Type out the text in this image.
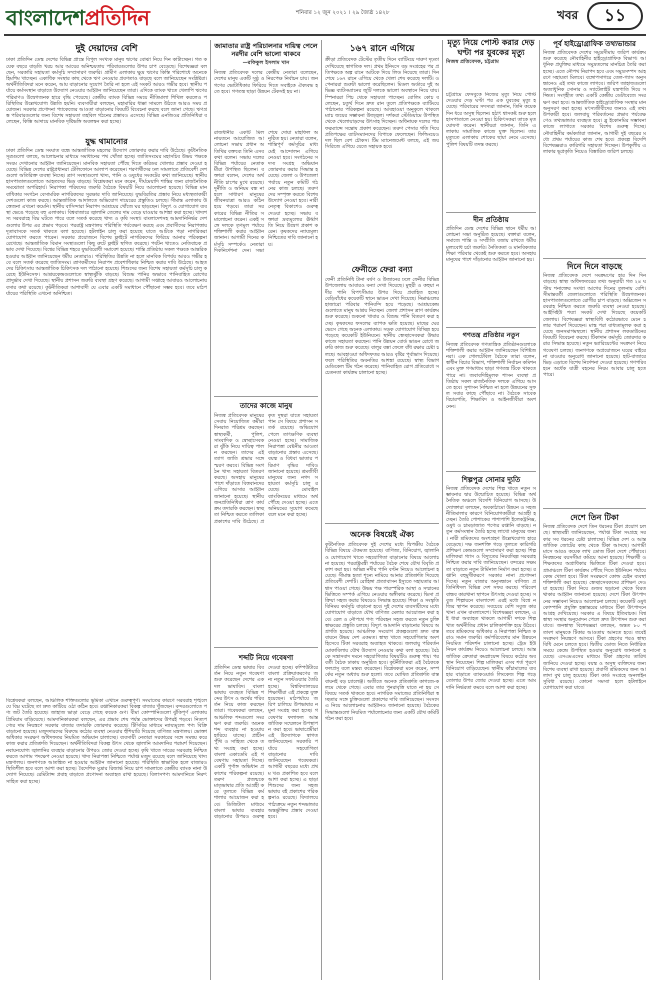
বাংলাদেশপ্রতিদিন	শনিবার ১২ জুন ২০২১ । ২৯ জ্যৈষ্ঠ ১৪২৮	খবর	১১
দুই দেয়াদের বেশি
ঢাকা প্রতিদিন ডেস্ক দেশের বিভিন্ন প্রান্তে বিপুল সংখ্যক মানুষ ঋণের বোঝা নিয়ে দিন কাটাচ্ছেন। গত কয়েক বছরে বাড়তি খরচ আর আয়ের অনিশ্চয়তায় পরিবারগুলোর উপর চাপ বেড়েছে। বিশেষজ্ঞরা বলছেন, সরকারি সহায়তা কর্মসূচি সম্প্রসারণ জরুরি। গ্রামীণ এলাকায় ক্ষুদ্র ঋণের কিস্তি পরিশোধে অনেকে হিমশিম খাচ্ছেন। একাধিক সংস্থার কাছ থেকে ঋণ নেওয়ার প্রবণতাও বাড়ছে বলে জানিয়েছেন সংশ্লিষ্টরা। অর্থনীতিবিদরা মনে করেন, আয় বাড়ানোর সুযোগ তৈরি না হলে এই সংকট আরও গভীর হবে। স্থানীয় পর্যায়ে কর্মসংস্থান বাড়াতে উদ্যোগ নেওয়ার আহ্বান জানিয়েছেন তারা। এদিকে ব্যাংক খাতে খেলাপি ঋণের পরিমাণও উদ্বেগজনক হারে বৃদ্ধি পেয়েছে। কেন্দ্রীয় ব্যাংক বিভিন্ন সময়ে নীতিমালা শিথিল করলেও পরিস্থিতির উল্লেখযোগ্য উন্নতি হয়নি। ব্যবসায়ীরা বলছেন, মহামারির ধাক্কা সামলে উঠতে আরও সময় প্রয়োজন। সরকার প্রণোদনা প্যাকেজের আওতা বাড়ানোর বিষয়টি বিবেচনা করছে বলে জানা গেছে। ঋণগ্রস্ত পরিবারগুলোর জন্য বিশেষ সহায়তা তহবিল গঠনের প্রস্তাবও এসেছে। বিভিন্ন এনজিওর প্রতিনিধিরা বলেছেন, কিস্তি আদায়ে মানবিক দৃষ্টিভঙ্গি অবলম্বন করা হচ্ছে।
যুদ্ধ থামানোর
ঢাকা প্রতিদিন ডেস্ক সংঘাত বন্ধে আন্তর্জাতিক মহলের উদ্যোগ জোরদার করার দাবি উঠেছে। কূটনৈতিক সূত্রগুলো বলছে, আলোচনার মাধ্যমে সমাধানের পথ খোঁজা হচ্ছে। জাতিসংঘের মহাসচিব উভয় পক্ষকে সংযম দেখানোর আহ্বান জানিয়েছেন। মানবিক সহায়তা পৌঁছে দিতে করিডর খোলার প্রস্তাব দেওয়া হয়েছে। বিভিন্ন দেশের রাষ্ট্রপ্রধানরা টেলিফোনে আলাপ করেছেন। শরণার্থীদের ঢল সামলাতে প্রতিবেশী দেশগুলো অতিরিক্ত ব্যবস্থা নিচ্ছে। ত্রাণ সংস্থাগুলো খাদ্য, পানি ও ওষুধের সংকটের কথা জানিয়েছে। স্থানীয় হাসপাতালগুলোতে আহতদের ভিড় বাড়ছে। বিশ্লেষকরা মনে করেন, দীর্ঘমেয়াদি শান্তির জন্য রাজনৈতিক সমঝোতা অপরিহার্য। নিরাপত্তা পরিষদের জরুরি বৈঠকে বিষয়টি নিয়ে আলোচনা হয়েছে। বিভিন্ন মানবাধিকার সংগঠন বেসামরিক নাগরিকদের সুরক্ষার দাবি জানিয়েছে। যুদ্ধবিরতির প্রস্তাব নিয়ে মধ্যস্থতাকারী দেশগুলো কাজ করছে। আন্তর্জাতিক আদালতে অভিযোগ দায়েরের প্রস্তুতিও চলছে। সীমান্ত এলাকায় উত্তেজনা এখনো কমেনি। স্থানীয় বাসিন্দারা নিরাপদ আশ্রয়ের খোঁজে ঘর ছাড়ছেন। বিদ্যুৎ ও যোগাযোগ ব্যবস্থা ভেঙে পড়েছে বহু এলাকায়। বিশ্ববাজারে জ্বালানি তেলের দাম বেড়ে যাওয়ার আশঙ্কা করা হচ্ছে। খাদ্যশস্য সরবরাহে বিঘ্ন ঘটতে পারে বলে সতর্ক করেছে খাদ্য ও কৃষি সংস্থা। বাংলাদেশসহ আমদানিনির্ভর দেশগুলোর উপর এর প্রভাব পড়বে। পররাষ্ট্র মন্ত্রণালয় পরিস্থিতি পর্যবেক্ষণ করছে এবং প্রবাসীদের নিরাপত্তায় দূতাবাসকে সতর্ক থাকতে বলা হয়েছে। হটলাইন চালু করা হয়েছে যাতে আটকে পড়া নাগরিকরা যোগাযোগ করতে পারেন। সরকার প্রয়োজনে বিশেষ ফ্লাইটে নাগরিকদের ফিরিয়ে আনার পরিকল্পনা রেখেছে। আন্তর্জাতিক বিমান সংস্থাগুলো কিছু রুটে ফ্লাইট স্থগিত করেছে। পর্যটন খাতেও নেতিবাচক প্রভাব দেখা দিয়েছে। বিশ্বের বিভিন্ন শহরে যুদ্ধবিরোধী সমাবেশ হয়েছে। শান্তি প্রতিষ্ঠায় সকল পক্ষকে আন্তরিক হওয়ার আহ্বান জানিয়েছেন ধর্মীয় নেতারাও। পরিস্থিতির উন্নতি না হলে মানবিক বিপর্যয় আরও গভীর হবে বলে সতর্ক করেছে জাতিসংঘ। ত্রাণকর্মীদের নিরাপদ প্রবেশাধিকার নিশ্চিত করার দাবি উঠেছে। আহতদের চিকিৎসায় আন্তর্জাতিক চিকিৎসক দল পাঠানো হয়েছে। শিশুদের জন্য বিশেষ সহায়তা কর্মসূচি চালু করেছে ইউনিসেফ। আশ্রয়কেন্দ্রগুলোতে স্বাস্থ্যঝুঁকি বাড়ছে। বিশুদ্ধ পানির অভাবে পানিবাহিত রোগের প্রাদুর্ভাব দেখা দিয়েছে। স্থানীয় প্রশাসন জরুরি ব্যবস্থা গ্রহণ করেছে। আগামী সপ্তাহে আবারও আলোচনায় বসার কথা রয়েছে। কূটনীতিকরা আশাবাদী যে এবার একটি সমাধানে পৌঁছানো সম্ভব হবে। তবে মাঠপর্যায়ের পরিস্থিতি এখনো অনিশ্চিত।
বিশ্লেষকরা বলছেন, আঞ্চলিক শক্তিগুলোর ভূমিকা এখানে গুরুত্বপূর্ণ। সংঘাতের কারণে সরবরাহ শৃঙ্খলে যে বিঘ্ন ঘটেছে তা দ্রুত কাটিয়ে ওঠা কঠিন হবে। রপ্তানিকারকরা বিকল্প বাজার খুঁজছেন। বন্দরগুলোতে পণ্য জট তৈরি হয়েছে। জাহাজ ভাড়া বেড়ে গেছে কয়েক গুণ। বীমা কোম্পানিগুলো ঝুঁকিপূর্ণ এলাকায় প্রিমিয়াম বাড়িয়েছে। আমদানিকারকরা বলছেন, এর প্রভাব শেষ পর্যন্ত ভোক্তাদের উপরই পড়বে। নিত্যপণ্যের দাম নিয়ন্ত্রণে সরকার বাজার তদারকি জোরদার করেছে। টিসিবির মাধ্যমে ন্যায্যমূল্যে পণ্য বিক্রি বাড়ানো হয়েছে। মজুদদারদের বিরুদ্ধে কঠোর ব্যবস্থা নেওয়ার হুঁশিয়ারি দিয়েছে বাণিজ্য মন্ত্রণালয়। ভোক্তা অধিকার সংরক্ষণ অধিদফতর নিয়মিত অভিযান চালাচ্ছে। ব্যবসায়ী নেতারা সরকারের সঙ্গে সমন্বয় করে কাজ করার প্রতিশ্রুতি দিয়েছেন। অর্থনীতিবিদরা বিকল্প উৎস থেকে জ্বালানি আমদানির পরামর্শ দিয়েছেন। নবায়নযোগ্য জ্বালানির ব্যবহার বাড়ানোর উপরও জোর দেওয়া হচ্ছে। কৃষি খাতে সারের সরবরাহ নিশ্চিত করতে আগাম পদক্ষেপ নেওয়া হয়েছে। খাদ্য নিরাপত্তা নিশ্চিতে পর্যাপ্ত মজুদ রয়েছে বলে জানিয়েছে খাদ্য মন্ত্রণালয়। জনগণকে আতঙ্কিত না হওয়ার আহ্বান জানানো হয়েছে। পরিস্থিতি স্বাভাবিক হলে বাজারও স্থিতিশীল হবে বলে আশা করা হচ্ছে। বৈদেশিক মুদ্রার রিজার্ভ নিয়ে চাপ সামলাতে কেন্দ্রীয় ব্যাংক নানা উদ্যোগ নিয়েছে। রেমিট্যান্স প্রবাহ বাড়াতে প্রণোদনা অব্যাহত রাখা হয়েছে। বিলাসপণ্য আমদানিতে নিরুৎসাহিত করা হচ্ছে।
জামাতার রাষ্ট্র পরিচালনার দায়িত্ব পেলে নরদীর বেশি ভালো থাকবে
—রফিকুল ইসলাম খান
নিজস্ব প্রতিবেদক দলের কেন্দ্রীয় নেতারা বলেছেন, দেশের মানুষ একটি সুষ্ঠু ও নিরপেক্ষ নির্বাচন চায়। জনগণের ভোটাধিকার ফিরিয়ে দিতে সবাইকে ঐক্যবদ্ধ হতে হবে। গণতন্ত্র ছাড়া উন্নয়ন টেকসই হয় না।
রাজধানীর একটি মিলনায়তনে আয়োজিত আলোচনা সভায় প্রধান অতিথির বক্তব্যে তিনি এসব কথা বলেন। সভায় দলের বিভিন্ন পর্যায়ের নেতাকর্মীরা উপস্থিত ছিলেন। বক্তারা বলেন, দেশের অর্থনীতি চাপের মুখে রয়েছে। দুর্নীতি ও অনিয়ম বন্ধ না হলে সাধারণ মানুষের জীবনযাত্রা আরও কঠিন হয়ে পড়বে। তারা সরকারের বিভিন্ন নীতির সমালোচনা করেন। একই সঙ্গে দলকে তৃণমূল পর্যায়ে শক্তিশালী করার আহ্বান জানান। আগামী দিনের কর্মসূচি সম্পর্কেও নেতারা দিকনির্দেশনা দেন। সভা শেষে দোয়া মাহফিল অনুষ্ঠিত হয়। নেতারা বলেন, শান্তিপূর্ণ কর্মসূচির মাধ্যমেই আন্দোলন এগিয়ে নেওয়া হবে। সংগঠনের সদস্য সংগ্রহ অভিযান জোরদার করার সিদ্ধান্ত হয়েছে। জেলা ও উপজেলা পর্যায়ে নতুন কমিটি গঠনের কাজ চলছে। তরুণদের সম্পৃক্ত করতে বিশেষ উদ্যোগ নেওয়া হবে। নারী নেতৃত্ব বিকাশেও গুরুত্ব দেওয়া হচ্ছে। সভায় বক্তারা দ্রব্যমূল্যের ঊর্ধ্বগতি নিয়ে উদ্বেগ প্রকাশ করেন। কৃষকদের ন্যায্যমূল্য নিশ্চিতের দাবি জানানো হয়।
তাদের কাজে মানুষ
নিজস্ব প্রতিবেদক মানুষের সেবায় নিয়োজিত কর্মীরা দিনরাত পরিশ্রম করছেন। স্বাস্থ্যকর্মী, পুলিশ, সাংবাদিক ও স্বেচ্ছাসেবকরা ঝুঁকি নিয়ে দায়িত্ব পালন করছেন। তাদের এই ত্যাগ জাতি শ্রদ্ধার সঙ্গে স্মরণ করবে। বিভিন্ন সংগঠন খাদ্য সহায়তা বিতরণ করছে। অসহায় মানুষের পাশে দাঁড়াতে বিত্তবানদের এগিয়ে আসার আহ্বান জানানো হয়েছে। স্থানীয় জনপ্রতিনিধিরা ত্রাণ কার্যক্রম তদারকি করছেন। স্বচ্ছতা নিশ্চিত করতে তালিকা প্রকাশের দাবি উঠেছে। প্রকৃত দুস্থরা যাতে সহায়তা পান সে বিষয়ে প্রশাসন সতর্ক রয়েছে। অভিযোগ পেলে তাৎক্ষণিক ব্যবস্থা নেওয়া হচ্ছে। সামাজিক নিরাপত্তা বেষ্টনীর আওতা বাড়ানোর প্রস্তাব এসেছে। বয়স্ক ও বিধবা ভাতার পরিমাণ বৃদ্ধির দাবিও জানানো হয়েছে। শ্রমজীবী মানুষের জন্য নগদ সহায়তা কর্মসূচি চালু রয়েছে। মোবাইল ব্যাংকিংয়ের মাধ্যমে অর্থ পৌঁছে দেওয়া হচ্ছে। এতে অনিয়মের সুযোগ কমেছে বলে মনে করা হচ্ছে।
শব্দটি নিয়ে গবেষণা
প্রতিদিন ডেস্ক ভাষার বিবর্তন নিয়ে নতুন গবেষণা শুরু করেছেন দেশের একদল ভাষাবিদ। বাংলা ভাষায় ব্যবহৃত বিভিন্ন শব্দের উৎস ও অর্থের পরিবর্তন নিয়ে কাজ করছেন তারা। গবেষকরা বলছেন, আঞ্চলিক শব্দগুলো সংরক্ষণ করা জরুরি। অনেক শব্দ ব্যবহার না হওয়ায় হারিয়ে যাচ্ছে। প্রাচীন পুঁথি ও সাহিত্য থেকে তথ্য সংগ্রহ করা হচ্ছে। বাংলা একাডেমি এই গবেষণায় সহায়তা দিচ্ছে। একটি পূর্ণাঙ্গ অভিধান প্রকাশের পরিকল্পনা রয়েছে। তরুণ প্রজন্মকে মাতৃভাষার প্রতি আগ্রহী করে তুলতে বিভিন্ন কর্মশালার আয়োজন করা হবে। ডিজিটাল মাধ্যমে বাংলা ভাষার ব্যবহার বাড়ানোর উপরও গুরুত্ব দেওয়া হচ্ছে। কম্পিউটারে বাংলা প্রক্রিয়াকরণের জন্য নতুন সফটওয়্যার তৈরি হচ্ছে। বিশ্ববিদ্যালয়ের শিক্ষার্থীরা এই প্রকল্পে যুক্ত হয়েছেন। মাঠপর্যায়ে জরিপ চালিয়ে উপভাষার নমুনা সংগ্রহ করা হচ্ছে। গবেষণার ফলাফল আন্তর্জাতিক সম্মেলনে উপস্থাপন করা হবে। ভাষাপ্রেমীরা এই উদ্যোগকে স্বাগত জানিয়েছেন। সরকারি পর্যায়ে সহযোগিতা বাড়ানোর দাবি জানিয়েছেন গবেষকরা। আগামী বছরের মধ্যে প্রথম খণ্ড প্রকাশিত হবে বলে আশা করা হচ্ছে। এ ছাড়া শিশুদের জন্য সহজ ভাষায় বই প্রকাশের পরিকল্পনাও রয়েছে। বিদ্যালয়ে পাঠ্যক্রমে নতুন শব্দভান্ডার অন্তর্ভুক্তির প্রস্তাব দেওয়া হবে।
১৬৭ রানে এগিয়ে
ক্রীড়া প্রতিবেদক টেস্টের তৃতীয় দিনে ব্যাটিংয়ে দারুণ দৃঢ়তা দেখিয়েছে স্বাগতিক দল। প্রথম ইনিংসে বড় সংগ্রহের পর প্রতিপক্ষকে অল্প রানে আটকে দিয়ে লিড নিয়েছে তারা। দিন শেষে ১৬৭ রানে এগিয়ে থেকে খেলা শেষ করেছে দলটি। ওপেনাররা শুরুটা ভালো করেছিলেন। মিডল অর্ডারে দুই অভিজ্ঞ ব্যাটসম্যানের জুটি দলকে ভালো অবস্থানে নিয়ে যায়। স্পিনাররা পিচ থেকে সহায়তা পাচ্ছেন। বোলিং কোচ বলেছেন, চতুর্থ দিনে দ্রুত রান তুলে প্রতিপক্ষকে ব্যাটিংয়ে পাঠানোর পরিকল্পনা রয়েছে। আবহাওয়া অনুকূলে থাকলে ম্যাচ জয়ের সম্ভাবনা উজ্জ্বল। দর্শকরা স্টেডিয়ামে উপস্থিত থেকে খেলোয়াড়দের উৎসাহ দিচ্ছেন। অধিনায়ক দলের পারফরম্যান্সে সন্তোষ প্রকাশ করেছেন। তরুণ পেসার গতি দিয়ে প্রতিপক্ষের ব্যাটসম্যানদের বিপাকে ফেলেছেন। ফিল্ডিংয়েও দল ছিল বেশ চৌকস। টিম ম্যানেজমেন্ট বলছে, এই জয় সিরিজে এগিয়ে যেতে সহায়ক হবে।
ফেনীতে ফেরা বন্যা
ফেনী প্রতিনিধি টানা বর্ষণ ও উজানের ঢলে ফেনীর বিভিন্ন উপজেলায় আবারও বন্যা দেখা দিয়েছে। মুহুরী ও কহুয়া নদীর পানি বিপৎসীমার উপর দিয়ে প্রবাহিত হচ্ছে। বেড়িবাঁধের কয়েকটি স্থানে ভাঙন দেখা দিয়েছে। নিম্নাঞ্চলের হাজারো পরিবার পানিবন্দি হয়ে পড়েছে। আশ্রয়কেন্দ্রগুলোতে মানুষ আশ্রয় নিচ্ছেন। জেলা প্রশাসন ত্রাণ কার্যক্রম শুরু করেছে। শুকনো খাবার ও বিশুদ্ধ পানি বিতরণ করা হচ্ছে। কৃষকদের ফসলের ব্যাপক ক্ষতি হয়েছে। মাছের ঘের ভেসে গেছে অনেক এলাকায়। সড়ক যোগাযোগ বিচ্ছিন্ন হয়ে পড়েছে কয়েকটি ইউনিয়নে। স্থানীয় স্বেচ্ছাসেবকরা উদ্ধার কাজে সহায়তা করছেন। পানি উন্নয়ন বোর্ড ভাঙন রোধে জরুরি কাজ শুরু করেছে। বালুর বস্তা ফেলে বাঁধ রক্ষার চেষ্টা চলছে। আবহাওয়া অধিদফতর আরও বৃষ্টির পূর্বাভাস দিয়েছে। ফলে পরিস্থিতির অবনতির আশঙ্কা রয়েছে। স্বাস্থ্য বিভাগ মেডিকেল টিম গঠন করেছে। পানিবাহিত রোগ প্রতিরোধে সচেতনতা কার্যক্রম চালানো হচ্ছে।
অনেক বিষয়েই ঐক্য
কূটনৈতিক প্রতিবেদক দুই দেশের মধ্যে দ্বিপক্ষীয় বৈঠকে বিভিন্ন বিষয়ে ঐকমত্য হয়েছে। বাণিজ্য, বিনিয়োগ, জ্বালানি ও যোগাযোগ খাতে সহযোগিতা বাড়ানোর বিষয়ে আলোচনা হয়েছে। পররাষ্ট্রমন্ত্রী পর্যায়ের বৈঠক শেষে যৌথ বিবৃতি প্রকাশ করা হয়। অভিন্ন নদীর পানি বণ্টন নিয়েও আলোচনা হয়েছে। সীমান্ত হত্যা শূন্যে নামিয়ে আনার প্রতিশ্রুতি দিয়েছে প্রতিবেশী দেশটি। রোহিঙ্গা প্রত্যাবাসন ইস্যুতে সহায়তার আশ্বাস পাওয়া গেছে। উভয় পক্ষ পারস্পরিক আস্থা ও সম্মানের ভিত্তিতে সম্পর্ক এগিয়ে নেওয়ার অঙ্গীকার করেছে। ভিসা প্রক্রিয়া সহজ করার বিষয়েও সিদ্ধান্ত হয়েছে। শিক্ষা ও সংস্কৃতি বিনিময় কর্মসূচি বাড়ানো হবে। দুই দেশের ব্যবসায়ীদের মধ্যে যোগাযোগ বাড়াতে যৌথ বাণিজ্য মেলার আয়োজন করা হবে। রেল ও নৌপথে পণ্য পরিবহন সহজ করতে নতুন চুক্তি স্বাক্ষরের প্রস্তুতি চলছে। বিদ্যুৎ আমদানি বাড়ানোর বিষয়ে অগ্রগতি হয়েছে। আঞ্চলিক সংযোগ প্রকল্পগুলো দ্রুত বাস্তবায়নে উভয় দেশ একমত। স্বাস্থ্য খাতে সহযোগিতার অংশ হিসেবে টিকা সরবরাহ অব্যাহত থাকবে। জলবায়ু পরিবর্তন মোকাবিলায় যৌথ উদ্যোগ নেওয়ার কথা বলা হয়েছে। বৈঠকে সন্ত্রাসবাদ দমনে সহযোগিতার বিষয়টিও গুরুত্ব পায়। পরবর্তী বৈঠক ঢাকায় অনুষ্ঠিত হবে। কূটনীতিকরা এই বৈঠককে ফলপ্রসূ বলে মন্তব্য করেছেন। বিশ্লেষকরা মনে করেন, সম্পর্কের নতুন অধ্যায় শুরু হলো। তবে ঘোষিত প্রতিশ্রুতি বাস্তবায়নই বড় চ্যালেঞ্জ। অতীতে অনেক প্রতিশ্রুতি কাগজে-কলমে থেকে গেছে। এবার তার পুনরাবৃত্তি যাতে না হয় সে বিষয়ে সতর্ক থাকতে হবে। নাগরিক সমাজের প্রতিনিধিরা স্বচ্ছতার সঙ্গে চুক্তিগুলো প্রকাশের দাবি জানিয়েছেন। সংসদে এ নিয়ে আলোচনার আহ্বানও জানানো হয়েছে। বৈঠকের সিদ্ধান্তগুলো নিয়মিত পর্যালোচনার জন্য একটি যৌথ কমিটি গঠন করা হবে।
মৃত্যু নিয়ে পোস্ট করার দেড় ঘণ্টা পর যুবকের মৃত্যু
নিজস্ব প্রতিবেদক, চট্টগ্রাম
চট্টগ্রামে ফেসবুকে নিজের মৃত্যু নিয়ে পোস্ট দেওয়ার দেড় ঘণ্টা পর এক যুবকের মৃত্যু হয়েছে। পরিবারের সদস্যরা জানান, তিনি কয়েক দিন ধরে অসুস্থ ছিলেন। হঠাৎ শ্বাসকষ্ট শুরু হলে হাসপাতালে নেওয়া হয়। চিকিৎসকরা তাকে মৃত ঘোষণা করেন। স্থানীয়রা জানান, তিনি এলাকায় সামাজিক কাজে যুক্ত ছিলেন। তার মৃত্যুতে এলাকায় শোকের ছায়া নেমে এসেছে। পুলিশ বিষয়টি তদন্ত করছে।
দীন প্রতিষ্ঠায়
প্রতিদিন ডেস্ক দেশের বিভিন্ন স্থানে ধর্মীয় আলোচনা সভা অনুষ্ঠিত হয়েছে। বক্তারা বলেন, সমাজে শান্তি ও সম্প্রীতি বজায় রাখতে ধর্মীয় মূল্যবোধ চর্চা জরুরি। নৈতিকতা ও মানবিকতার শিক্ষা পরিবার থেকেই শুরু করতে হবে। অসহায় মানুষের পাশে দাঁড়ানোর আহ্বান জানানো হয়।
গণতন্ত্র প্রতিষ্ঠার নতুন
নিজস্ব প্রতিবেদক গণতান্ত্রিক প্রতিষ্ঠানগুলোকে শক্তিশালী করার আহ্বান জানিয়েছেন বিশিষ্টজনরা। এক গোলটেবিল বৈঠকে তারা বলেন, স্বাধীন বিচার বিভাগ, শক্তিশালী নির্বাচন কমিশন এবং মুক্ত গণমাধ্যম ছাড়া গণতন্ত্র টিকে থাকতে পারে না। জবাবদিহিমূলক শাসন ব্যবস্থা প্রতিষ্ঠায় সকল রাজনৈতিক দলকে এগিয়ে আসতে হবে। সুশাসন নিশ্চিত না হলে উন্নয়নের সুফল সবার কাছে পৌঁছাবে না। বৈঠকে সাবেক বিচারপতি, শিক্ষাবিদ ও আইনজীবীরা অংশ নেন।
শিল্পপুত্র সোনার দ্যুতি
নিজস্ব প্রতিবেদক দেশের শিল্প খাতে নতুন সম্ভাবনার দ্বার উন্মোচিত হয়েছে। বিভিন্ন অর্থনৈতিক অঞ্চলে বিদেশি বিনিয়োগ আসছে। উদ্যোক্তারা বলছেন, অবকাঠামো উন্নয়ন ও সহজ নীতিমালার কারণে বিনিয়োগকারীরা আগ্রহী হচ্ছেন। তৈরি পোশাকের পাশাপাশি ইলেকট্রনিক্স, ওষুধ ও চামড়াজাত পণ্যের রপ্তানি বাড়ছে। নতুন কর্মসংস্থান তৈরি হচ্ছে লাখো মানুষের জন্য। নারী শ্রমিকদের অংশগ্রহণ উল্লেখযোগ্য হারে বেড়েছে। দক্ষ জনশক্তি গড়ে তুলতে কারিগরি প্রশিক্ষণ কেন্দ্রগুলো সম্প্রসারণ করা হচ্ছে। শিল্পমালিকরা গ্যাস ও বিদ্যুতের নিরবচ্ছিন্ন সরবরাহ নিশ্চিত করার দাবি জানিয়েছেন। বন্দরের সক্ষমতা বাড়াতে নতুন টার্মিনাল নির্মাণ করা হচ্ছে। রপ্তানি বহুমুখীকরণে সরকার নানা প্রণোদনা দিচ্ছে। নতুন বাজার অনুসন্ধানে বাণিজ্য প্রতিনিধিদল বিভিন্ন দেশ সফর করছে। পরিবেশবান্ধব কারখানা স্থাপনে উৎসাহ দেওয়া হচ্ছে। সবুজ শিল্পায়নে বাংলাদেশ এরই মধ্যে বিশ্বে নজির স্থাপন করেছে। সবচেয়ে বেশি সবুজ কারখানা এখন বাংলাদেশে। বিশেষজ্ঞরা বলছেন, এই ধারা অব্যাহত থাকলে আগামী দশকে শিল্প খাত অর্থনীতির প্রধান চালিকাশক্তি হয়ে উঠবে। তবে শ্রমিকদের অধিকার ও নিরাপত্তা নিশ্চিত করাও সমান জরুরি। কর্মপরিবেশের মান উন্নয়নে নিয়মিত পরিদর্শন চালানো হচ্ছে। ট্রেড ইউনিয়ন কার্যক্রম নিয়েও আলোচনা চলছে। আন্তর্জাতিক ক্রেতারা কমপ্লায়েন্স বিষয়ে কঠোর অবস্থান নিয়েছেন। শিল্প মালিকরা এসব শর্ত পূরণে বিনিয়োগ বাড়িয়েছেন। স্থানীয় কাঁচামালের ব্যবহার বাড়াতে ব্যাকওয়ার্ড লিংকেজ শিল্প গড়ে তোলার উপর জোর দেওয়া হচ্ছে। এতে আমদানি নির্ভরতা কমবে বলে আশা করা হচ্ছে।
পূর্ব হাইড্রোগ্রাফিক তথ্যভান্ডার
নিজস্ব প্রতিবেদক দেশের সমুদ্রসীমায় জরিপ কার্যক্রম শুরু করেছে নৌবাহিনীর হাইড্রোগ্রাফিক বিভাগ। আধুনিক প্রযুক্তির মাধ্যমে সমুদ্রতলের মানচিত্র তৈরি করা হচ্ছে। এতে নৌপথ নিরাপদ হবে এবং সমুদ্রসম্পদ আহরণে সহায়তা মিলবে। বঙ্গোপসাগরে তেল-গ্যাস অনুসন্ধানেও এই তথ্য কাজে লাগবে। জরিপ জাহাজগুলো অত্যাধুনিক সোনার ও স্যাটেলাইট যন্ত্রপাতি দিয়ে সজ্জিত। সংগৃহীত তথ্য একটি কেন্দ্রীয় ডেটাবেজে সংরক্ষণ করা হবে। আন্তর্জাতিক হাইড্রোগ্রাফিক সংস্থার মান অনুসরণ করা হচ্ছে। মৎস্যজীবীদের জন্যও এই তথ্য উপকারী হবে। জলবায়ু পরিবর্তনের প্রভাব পর্যবেক্ষণেও তথ্যভান্ডার ব্যবহৃত হবে। ব্লু ইকোনমির সম্ভাবনা কাজে লাগাতে সরকার বিশেষ গুরুত্ব দিচ্ছে। নৌবাহিনীর কর্মকর্তারা জানান, আগামী দুই বছরের মধ্যে প্রথম পর্যায়ের কাজ শেষ হবে। প্রকল্পে বিদেশি বিশেষজ্ঞরাও কারিগরি সহায়তা দিচ্ছেন। উপকূলীয় এলাকার ভূপ্রকৃতি নিয়েও বিস্তারিত জরিপ চলছে।
দিনে দিনে বাড়ছে
নিজস্ব প্রতিবেদক দেশে সংক্রমণের হার দিন দিন বাড়ছে। স্বাস্থ্য অধিদফতরের তথ্য অনুযায়ী গত ২৪ ঘণ্টায় শনাক্তের সংখ্যা আগের দিনের তুলনায় বেশি। সীমান্তবর্তী জেলাগুলোতে পরিস্থিতি উদ্বেগজনক। হাসপাতালগুলোতে রোগীর চাপ বাড়ছে। অক্সিজেন সরবরাহ নিশ্চিত করতে জরুরি ব্যবস্থা নেওয়া হয়েছে। আইসিইউ শয্যা সংকট দেখা দিয়েছে কয়েকটি জেলায়। বিশেষজ্ঞরা স্বাস্থ্যবিধি কঠোরভাবে মেনে চলার পরামর্শ দিয়েছেন। মাস্ক পরা বাধ্যতামূলক করা হয়েছে জনসমাগমস্থলে। স্থানীয় প্রশাসন লকডাউনের বিষয়টি বিবেচনা করছে। টিকাদান কর্মসূচি জোরদার করার সিদ্ধান্ত হয়েছে। নতুন ভ্যারিয়েন্টের সংক্রমণ নিয়ে গবেষণা চলছে। জনগণকে অপ্রয়োজনে ঘরের বাইরে না যাওয়ার অনুরোধ জানানো হয়েছে। হাট-বাজারে ভিড় এড়াতে বিশেষ নির্দেশনা দেওয়া হয়েছে। গণপরিবহনে অর্ধেক যাত্রী বহনের নিয়ম আবার চালু হতে পারে।
দেশে তিন টিকা
নিজস্ব প্রতিবেদক দেশে তিন ধরনের টিকা প্রয়োগ চলছে। স্বাস্থ্যমন্ত্রী জানিয়েছেন, পর্যাপ্ত টিকা সংগ্রহে সরকার সব ধরনের চেষ্টা চালাচ্ছে। বিভিন্ন দেশ ও আন্তর্জাতিক জোটের কাছ থেকে টিকা আসছে। আগামী মাসে আরও কয়েক লাখ ডোজ টিকা দেশে পৌঁছাবে। নিবন্ধনের বয়সসীমা কমিয়ে আনা হয়েছে। শিক্ষার্থী ও শিক্ষকদের অগ্রাধিকার ভিত্তিতে টিকা দেওয়া হবে। গ্রামাঞ্চলে টিকা কার্যক্রম পৌঁছে দিতে ইউনিয়ন পর্যায়ে কেন্দ্র খোলা হবে। টিকা সংরক্ষণে কোল্ড চেইন ব্যবস্থা শক্তিশালী করা হয়েছে। স্বেচ্ছাসেবকদের প্রশিক্ষণ দেওয়া হয়েছে। টিকা নিয়ে গুজব ছড়ানো থেকে বিরত থাকার আহ্বান জানানো হয়েছে। দেশে টিকা উৎপাদনের সম্ভাবনা নিয়েও আলোচনা চলছে। কয়েকটি ওষুধ কোম্পানি প্রযুক্তি হস্তান্তরের মাধ্যমে টিকা উৎপাদনে আগ্রহ দেখিয়েছে। সরকার এ বিষয়ে ইতিবাচক। বিশ্ব স্বাস্থ্য সংস্থার অনুমোদন পেলে দ্রুত উৎপাদন শুরু করা যাবে। জনস্বাস্থ্য বিশেষজ্ঞরা বলছেন, অন্তত ৮০ শতাংশ মানুষকে টিকার আওতায় আনতে হবে। তবেই সংক্রমণ নিয়ন্ত্রণে আসবে। টিকা গ্রহণের পরও স্বাস্থ্যবিধি মেনে চলতে হবে। দ্বিতীয় ডোজ নিতে নির্ধারিত সময়ে কেন্দ্রে উপস্থিত হওয়ার অনুরোধ জানানো হয়েছে। এসএমএসের মাধ্যমে টিকা গ্রহণের তারিখ জানিয়ে দেওয়া হচ্ছে। বয়স্ক ও অসুস্থ ব্যক্তিদের জন্য বিশেষ ব্যবস্থা রাখা হয়েছে। প্রবাসী শ্রমিকদের জন্য আলাদা বুথ চালু হয়েছে। টিকা কার্ড সংগ্রহে অনলাইন সুবিধা রয়েছে। কোনো সমস্যা হলে হটলাইনে যোগাযোগ করা যাবে।
